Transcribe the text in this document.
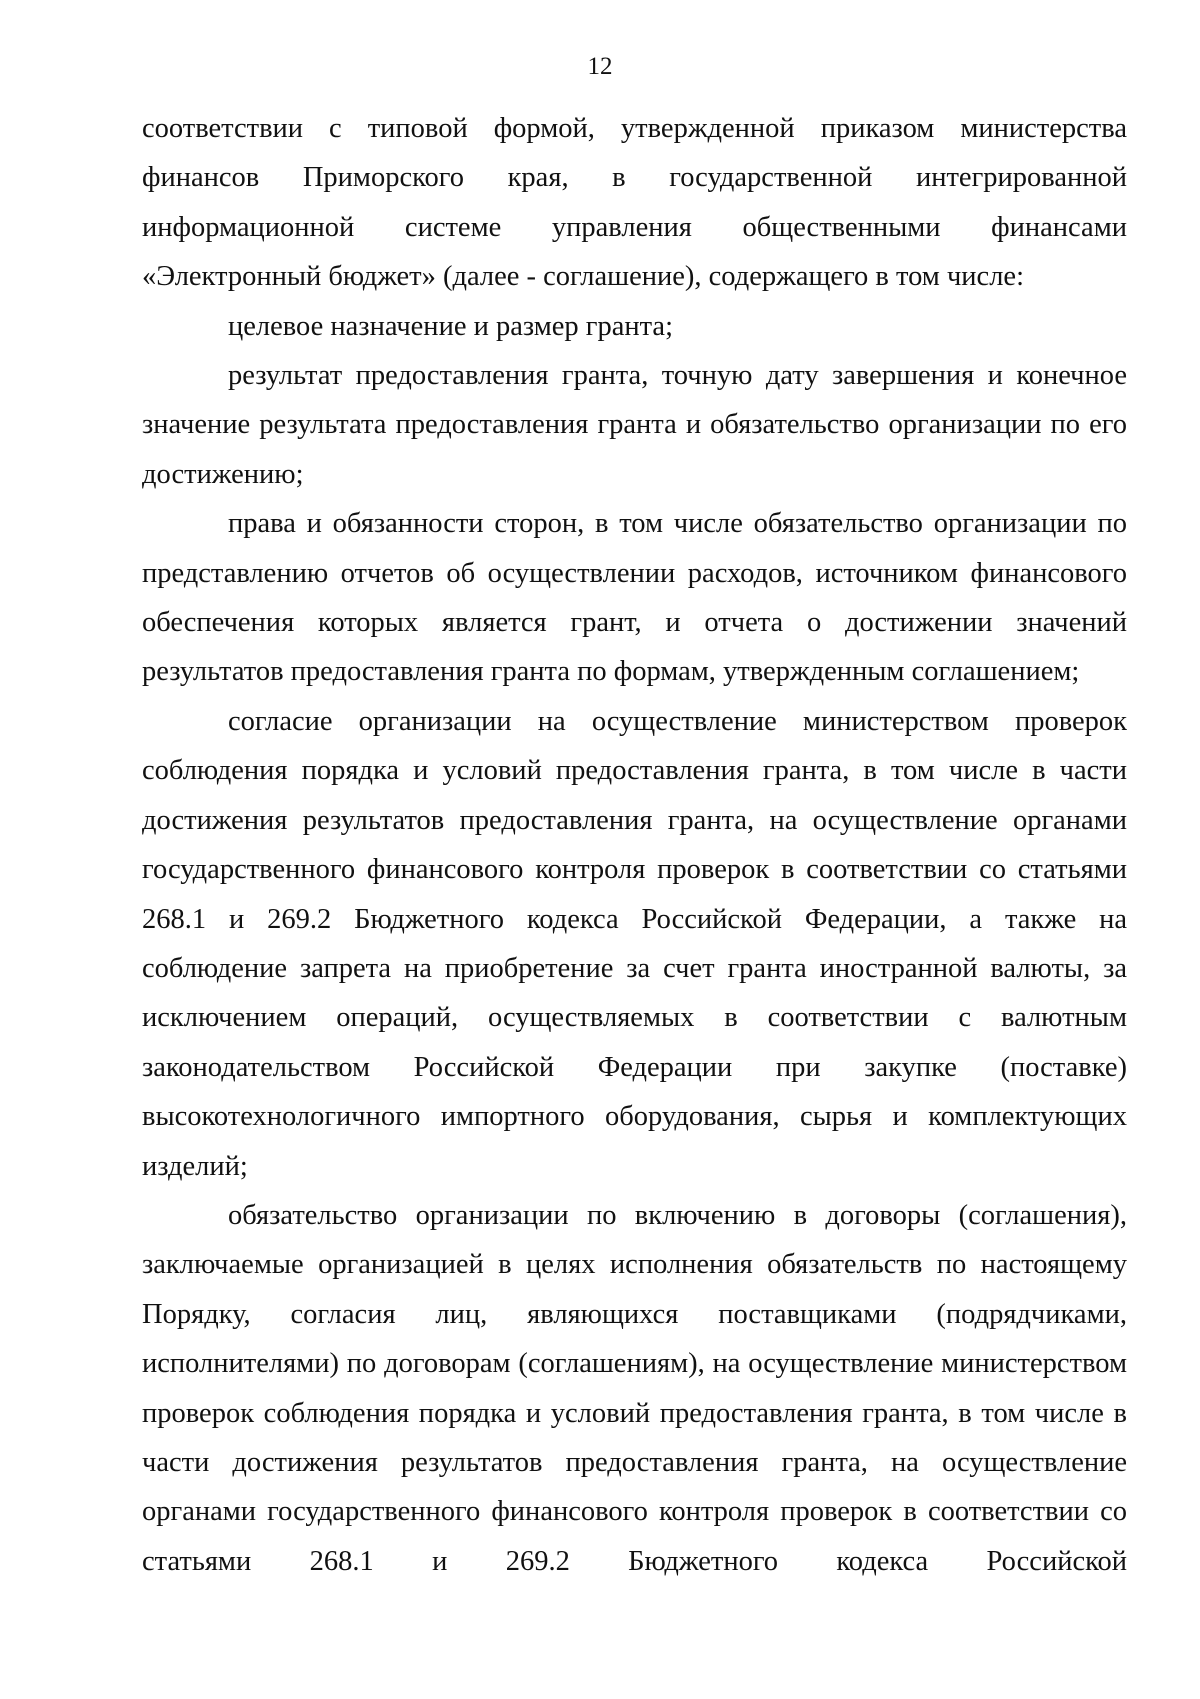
12

соответствии с типовой формой, утвержденной приказом министерства финансов Приморского края, в государственной интегрированной информационной системе управления общественными финансами «Электронный бюджет» (далее - соглашение), содержащего в том числе:

целевое назначение и размер гранта;

результат предоставления гранта, точную дату завершения и конечное значение результата предоставления гранта и обязательство организации по его достижению;

права и обязанности сторон, в том числе обязательство организации по представлению отчетов об осуществлении расходов, источником финансового обеспечения которых является грант, и отчета о достижении значений результатов предоставления гранта по формам, утвержденным соглашением;

согласие организации на осуществление министерством проверок соблюдения порядка и условий предоставления гранта, в том числе в части достижения результатов предоставления гранта, на осуществление органами государственного финансового контроля проверок в соответствии со статьями 268.1 и 269.2 Бюджетного кодекса Российской Федерации, а также на соблюдение запрета на приобретение за счет гранта иностранной валюты, за исключением операций, осуществляемых в соответствии с валютным законодательством Российской Федерации при закупке (поставке) высокотехнологичного импортного оборудования, сырья и комплектующих изделий;

обязательство организации по включению в договоры (соглашения), заключаемые организацией в целях исполнения обязательств по настоящему Порядку, согласия лиц, являющихся поставщиками (подрядчиками, исполнителями) по договорам (соглашениям), на осуществление министерством проверок соблюдения порядка и условий предоставления гранта, в том числе в части достижения результатов предоставления гранта, на осуществление органами государственного финансового контроля проверок в соответствии со статьями 268.1 и 269.2 Бюджетного кодекса Российской
